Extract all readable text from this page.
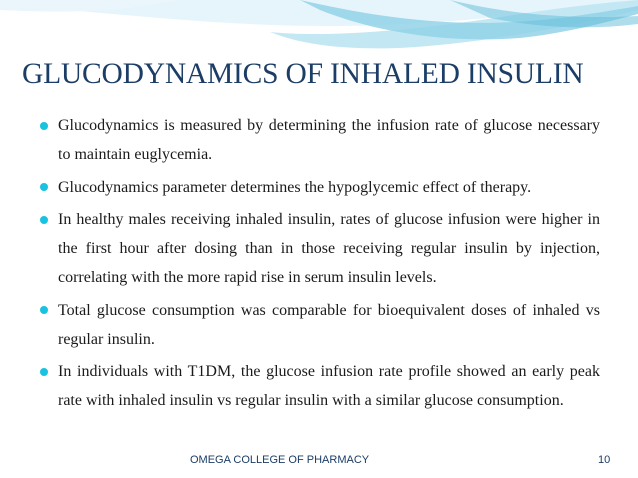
GLUCODYNAMICS OF INHALED INSULIN
Glucodynamics is measured by determining the infusion rate of glucose necessary to maintain euglycemia.
Glucodynamics parameter determines the hypoglycemic effect of therapy.
In healthy males receiving inhaled insulin, rates of glucose infusion were higher in the first hour after dosing than in those receiving regular insulin by injection, correlating with the more rapid rise in serum insulin levels.
Total glucose consumption was comparable for bioequivalent doses of inhaled vs regular insulin.
In individuals with T1DM, the glucose infusion rate profile showed an early peak rate with inhaled insulin vs regular insulin with a similar glucose consumption.
OMEGA COLLEGE OF PHARMACY	10
